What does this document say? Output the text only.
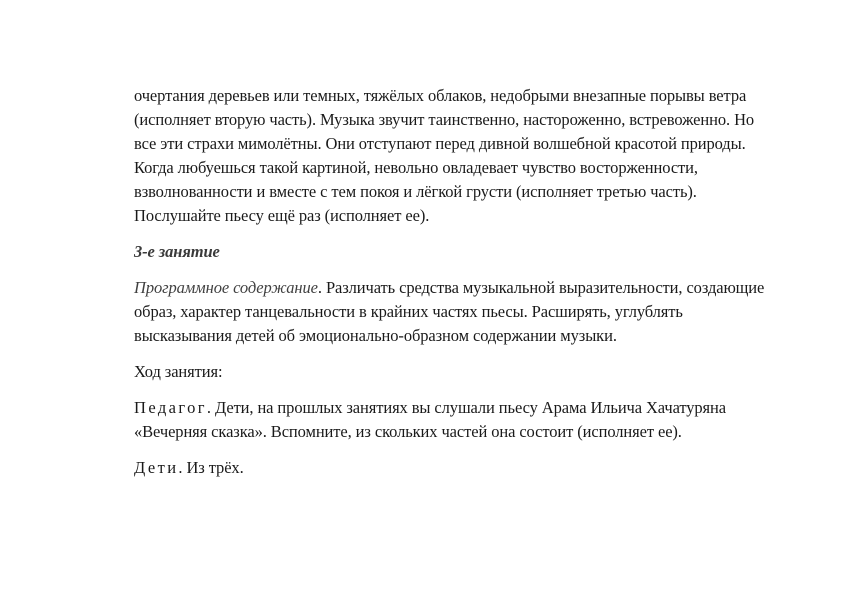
очертания деревьев или темных, тяжёлых облаков, недобрыми внезапные порывы ветра (исполняет вторую часть). Музыка звучит таинственно, настороженно, встревоженно. Но все эти страхи мимолётны. Они отступают перед дивной волшебной красотой природы. Когда любуешься такой картиной, невольно овладевает чувство восторженности, взволнованности и вместе с тем покоя и лёгкой грусти (исполняет третью часть). Послушайте пьесу ещё раз (исполняет ее).

3-е занятие

Программное содержание. Различать средства музыкальной выразительности, создающие образ, характер танцевальности в крайних частях пьесы. Расширять, углублять высказывания детей об эмоционально-образном содержании музыки.

Ход занятия:

Педагог. Дети, на прошлых занятиях вы слушали пьесу Арама Ильича Хачатуряна «Вечерняя сказка». Вспомните, из скольких частей она состоит (исполняет ее).

Дети. Из трёх.
